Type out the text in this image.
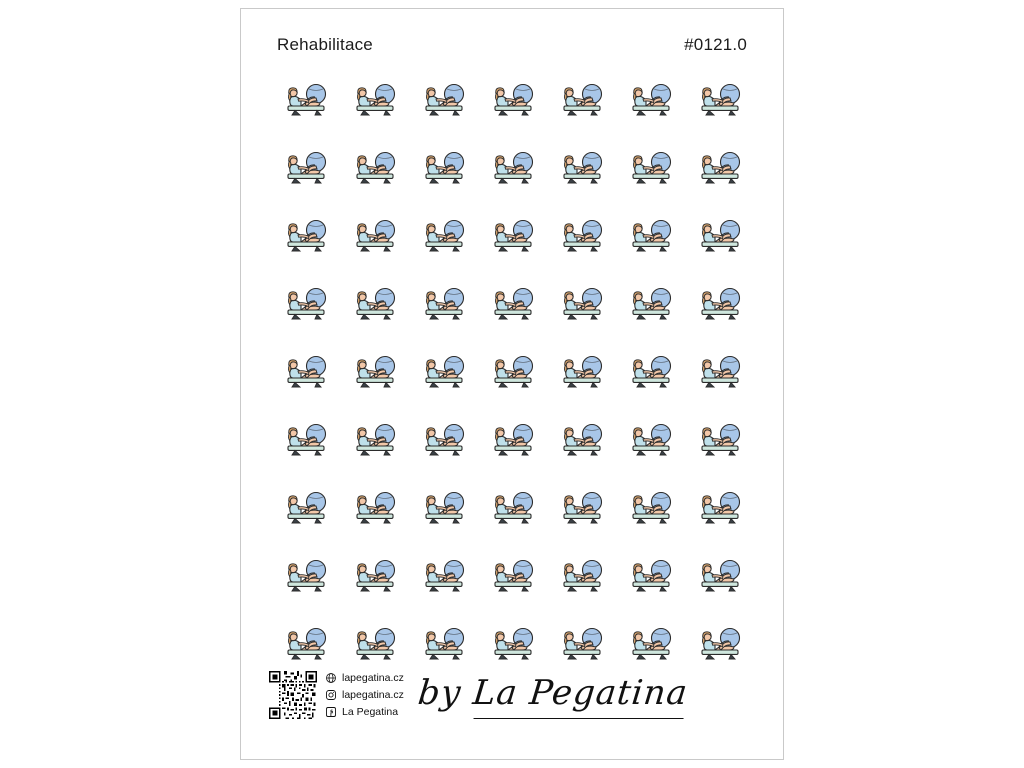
Rehabilitace	#0121.0
lapegatina.cz
lapegatina.cz
La Pegatina by La Pegatina
